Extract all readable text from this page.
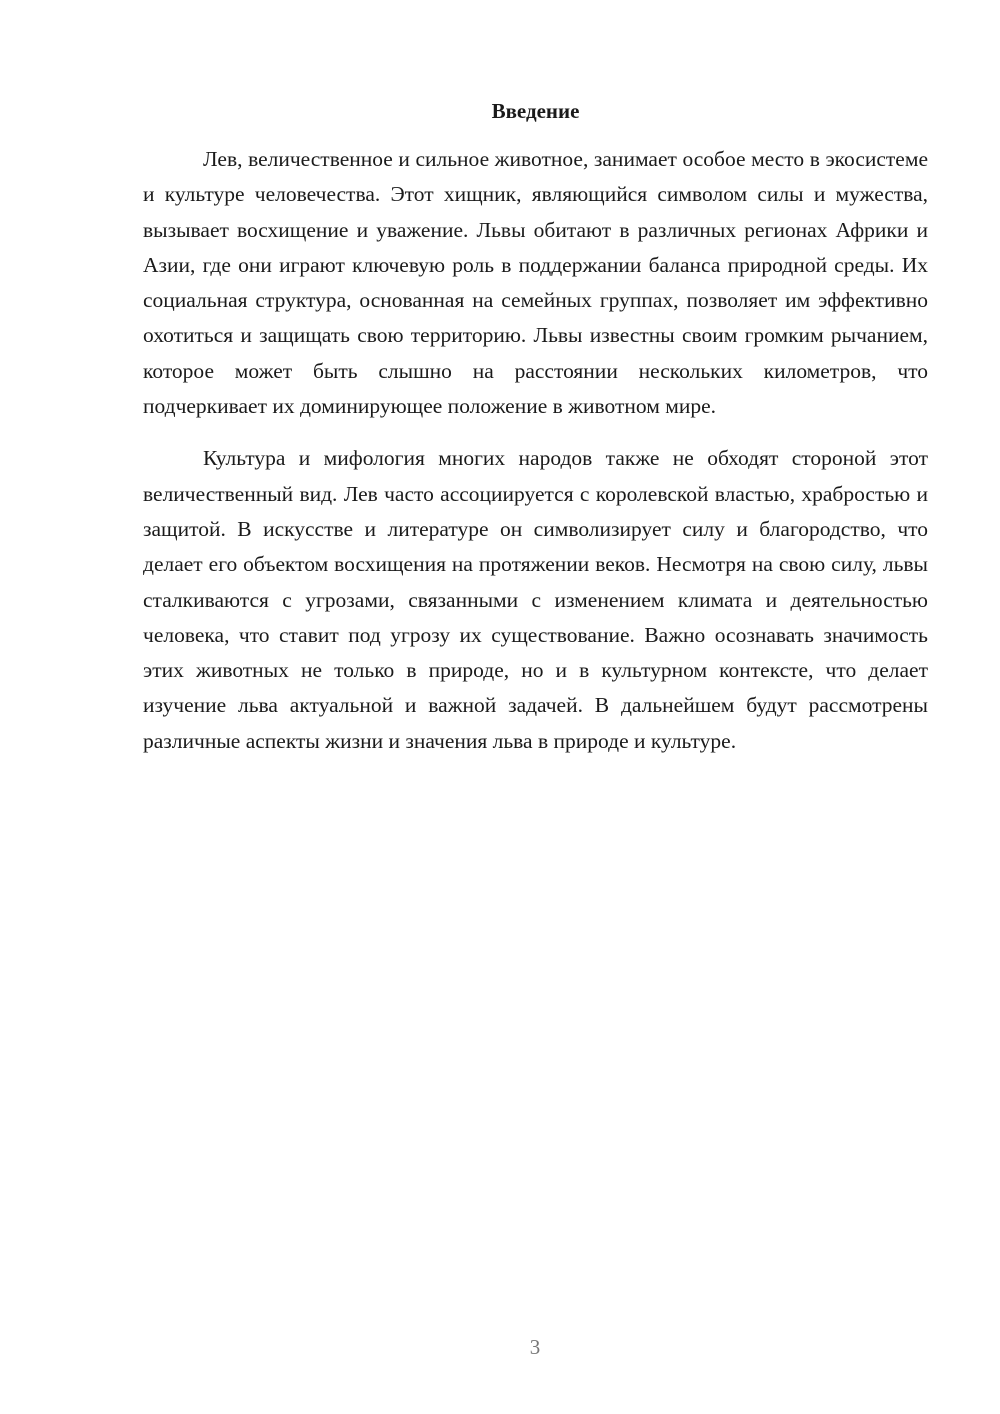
Введение

Лев, величественное и сильное животное, занимает особое место в экосистеме и культуре человечества. Этот хищник, являющийся символом силы и мужества, вызывает восхищение и уважение. Львы обитают в различных регионах Африки и Азии, где они играют ключевую роль в поддержании баланса природной среды. Их социальная структура, основанная на семейных группах, позволяет им эффективно охотиться и защищать свою территорию. Львы известны своим громким рычанием, которое может быть слышно на расстоянии нескольких километров, что подчеркивает их доминирующее положение в животном мире.

Культура и мифология многих народов также не обходят стороной этот величественный вид. Лев часто ассоциируется с королевской властью, храбростью и защитой. В искусстве и литературе он символизирует силу и благородство, что делает его объектом восхищения на протяжении веков. Несмотря на свою силу, львы сталкиваются с угрозами, связанными с изменением климата и деятельностью человека, что ставит под угрозу их существование. Важно осознавать значимость этих животных не только в природе, но и в культурном контексте, что делает изучение льва актуальной и важной задачей. В дальнейшем будут рассмотрены различные аспекты жизни и значения льва в природе и культуре.

3
